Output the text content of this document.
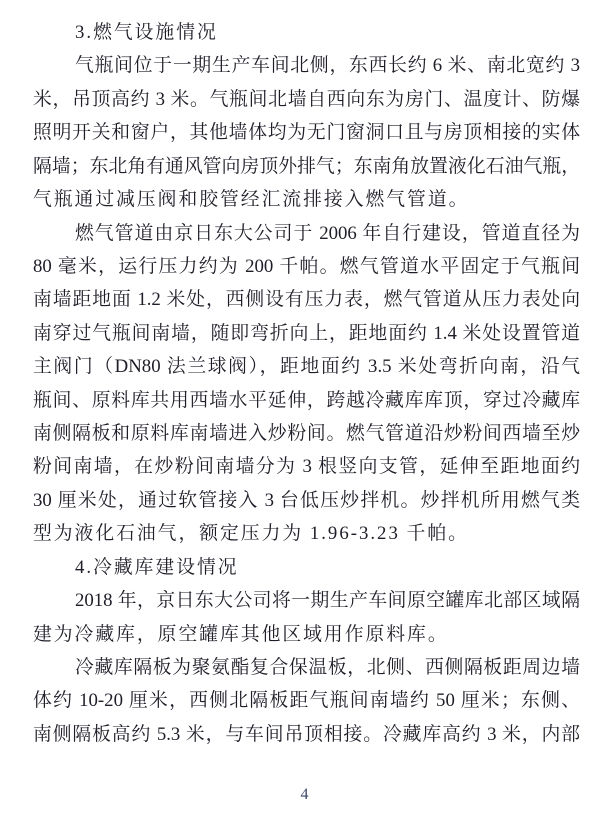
3.燃气设施情况
气瓶间位于一期生产车间北侧，东西长约 6 米、南北宽约 3
米，吊顶高约 3 米。气瓶间北墙自西向东为房门、温度计、防爆
照明开关和窗户，其他墙体均为无门窗洞口且与房顶相接的实体
隔墙；东北角有通风管向房顶外排气；东南角放置液化石油气瓶，
气瓶通过减压阀和胶管经汇流排接入燃气管道。
燃气管道由京日东大公司于 2006 年自行建设，管道直径为
80 毫米，运行压力约为 200 千帕。燃气管道水平固定于气瓶间
南墙距地面 1.2 米处，西侧设有压力表，燃气管道从压力表处向
南穿过气瓶间南墙，随即弯折向上，距地面约 1.4 米处设置管道
主阀门（DN80 法兰球阀），距地面约 3.5 米处弯折向南，沿气
瓶间、原料库共用西墙水平延伸，跨越冷藏库库顶，穿过冷藏库
南侧隔板和原料库南墙进入炒粉间。燃气管道沿炒粉间西墙至炒
粉间南墙，在炒粉间南墙分为 3 根竖向支管，延伸至距地面约
30 厘米处，通过软管接入 3 台低压炒拌机。炒拌机所用燃气类
型为液化石油气，额定压力为 1.96-3.23 千帕。
4.冷藏库建设情况
2018 年，京日东大公司将一期生产车间原空罐库北部区域隔
建为冷藏库，原空罐库其他区域用作原料库。
冷藏库隔板为聚氨酯复合保温板，北侧、西侧隔板距周边墙
体约 10-20 厘米，西侧北隔板距气瓶间南墙约 50 厘米；东侧、
南侧隔板高约 5.3 米，与车间吊顶相接。冷藏库高约 3 米，内部
4
